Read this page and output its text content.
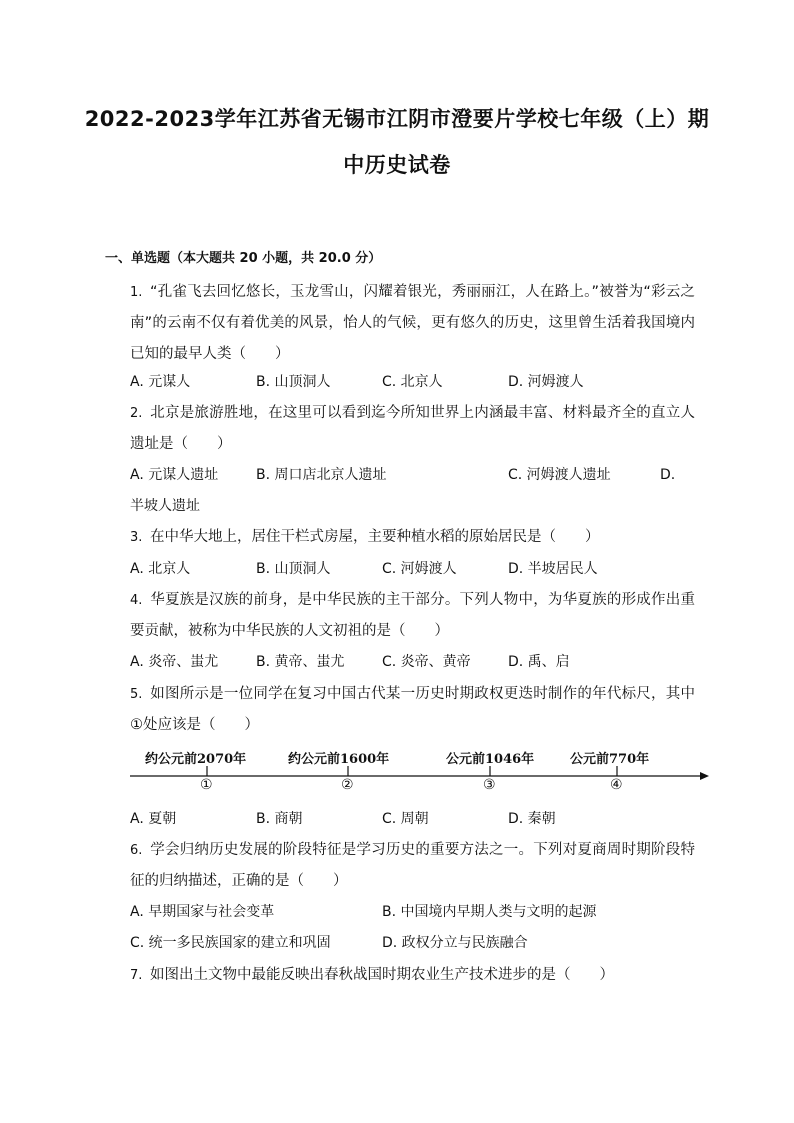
2022-2023学年江苏省无锡市江阴市澄要片学校七年级（上）期
中历史试卷
一、单选题（本大题共 20 小题，共 20.0 分）
1. “孔雀飞去回忆悠长，玉龙雪山，闪耀着银光，秀丽丽江，人在路上。”被誉为“彩云之南”的云南不仅有着优美的风景，怡人的气候，更有悠久的历史，这里曾生活着我国境内已知的最早人类（　　）
A. 元谋人	B. 山顶洞人	C. 北京人	D. 河姆渡人
2. 北京是旅游胜地，在这里可以看到迄今所知世界上内涵最丰富、材料最齐全的直立人遗址是（　　）
A. 元谋人遗址	B. 周口店北京人遗址	C. 河姆渡人遗址	D.
半坡人遗址
3. 在中华大地上，居住干栏式房屋，主要种植水稻的原始居民是（　　）
A. 北京人	B. 山顶洞人	C. 河姆渡人	D. 半坡居民人
4. 华夏族是汉族的前身，是中华民族的主干部分。下列人物中，为华夏族的形成作出重要贡献，被称为中华民族的人文初祖的是（　　）
A. 炎帝、蚩尤	B. 黄帝、蚩尤	C. 炎帝、黄帝	D. 禹、启
5. 如图所示是一位同学在复习中国古代某一历史时期政权更迭时制作的年代标尺，其中①处应该是（　　）
约公元前2070年	约公元前1600年	公元前1046年	公元前770年
①	②	③	④
A. 夏朝	B. 商朝	C. 周朝	D. 秦朝
6. 学会归纳历史发展的阶段特征是学习历史的重要方法之一。下列对夏商周时期阶段特征的归纳描述，正确的是（　　）
A. 早期国家与社会变革	B. 中国境内早期人类与文明的起源
C. 统一多民族国家的建立和巩固	D. 政权分立与民族融合
7. 如图出土文物中最能反映出春秋战国时期农业生产技术进步的是（　　）
